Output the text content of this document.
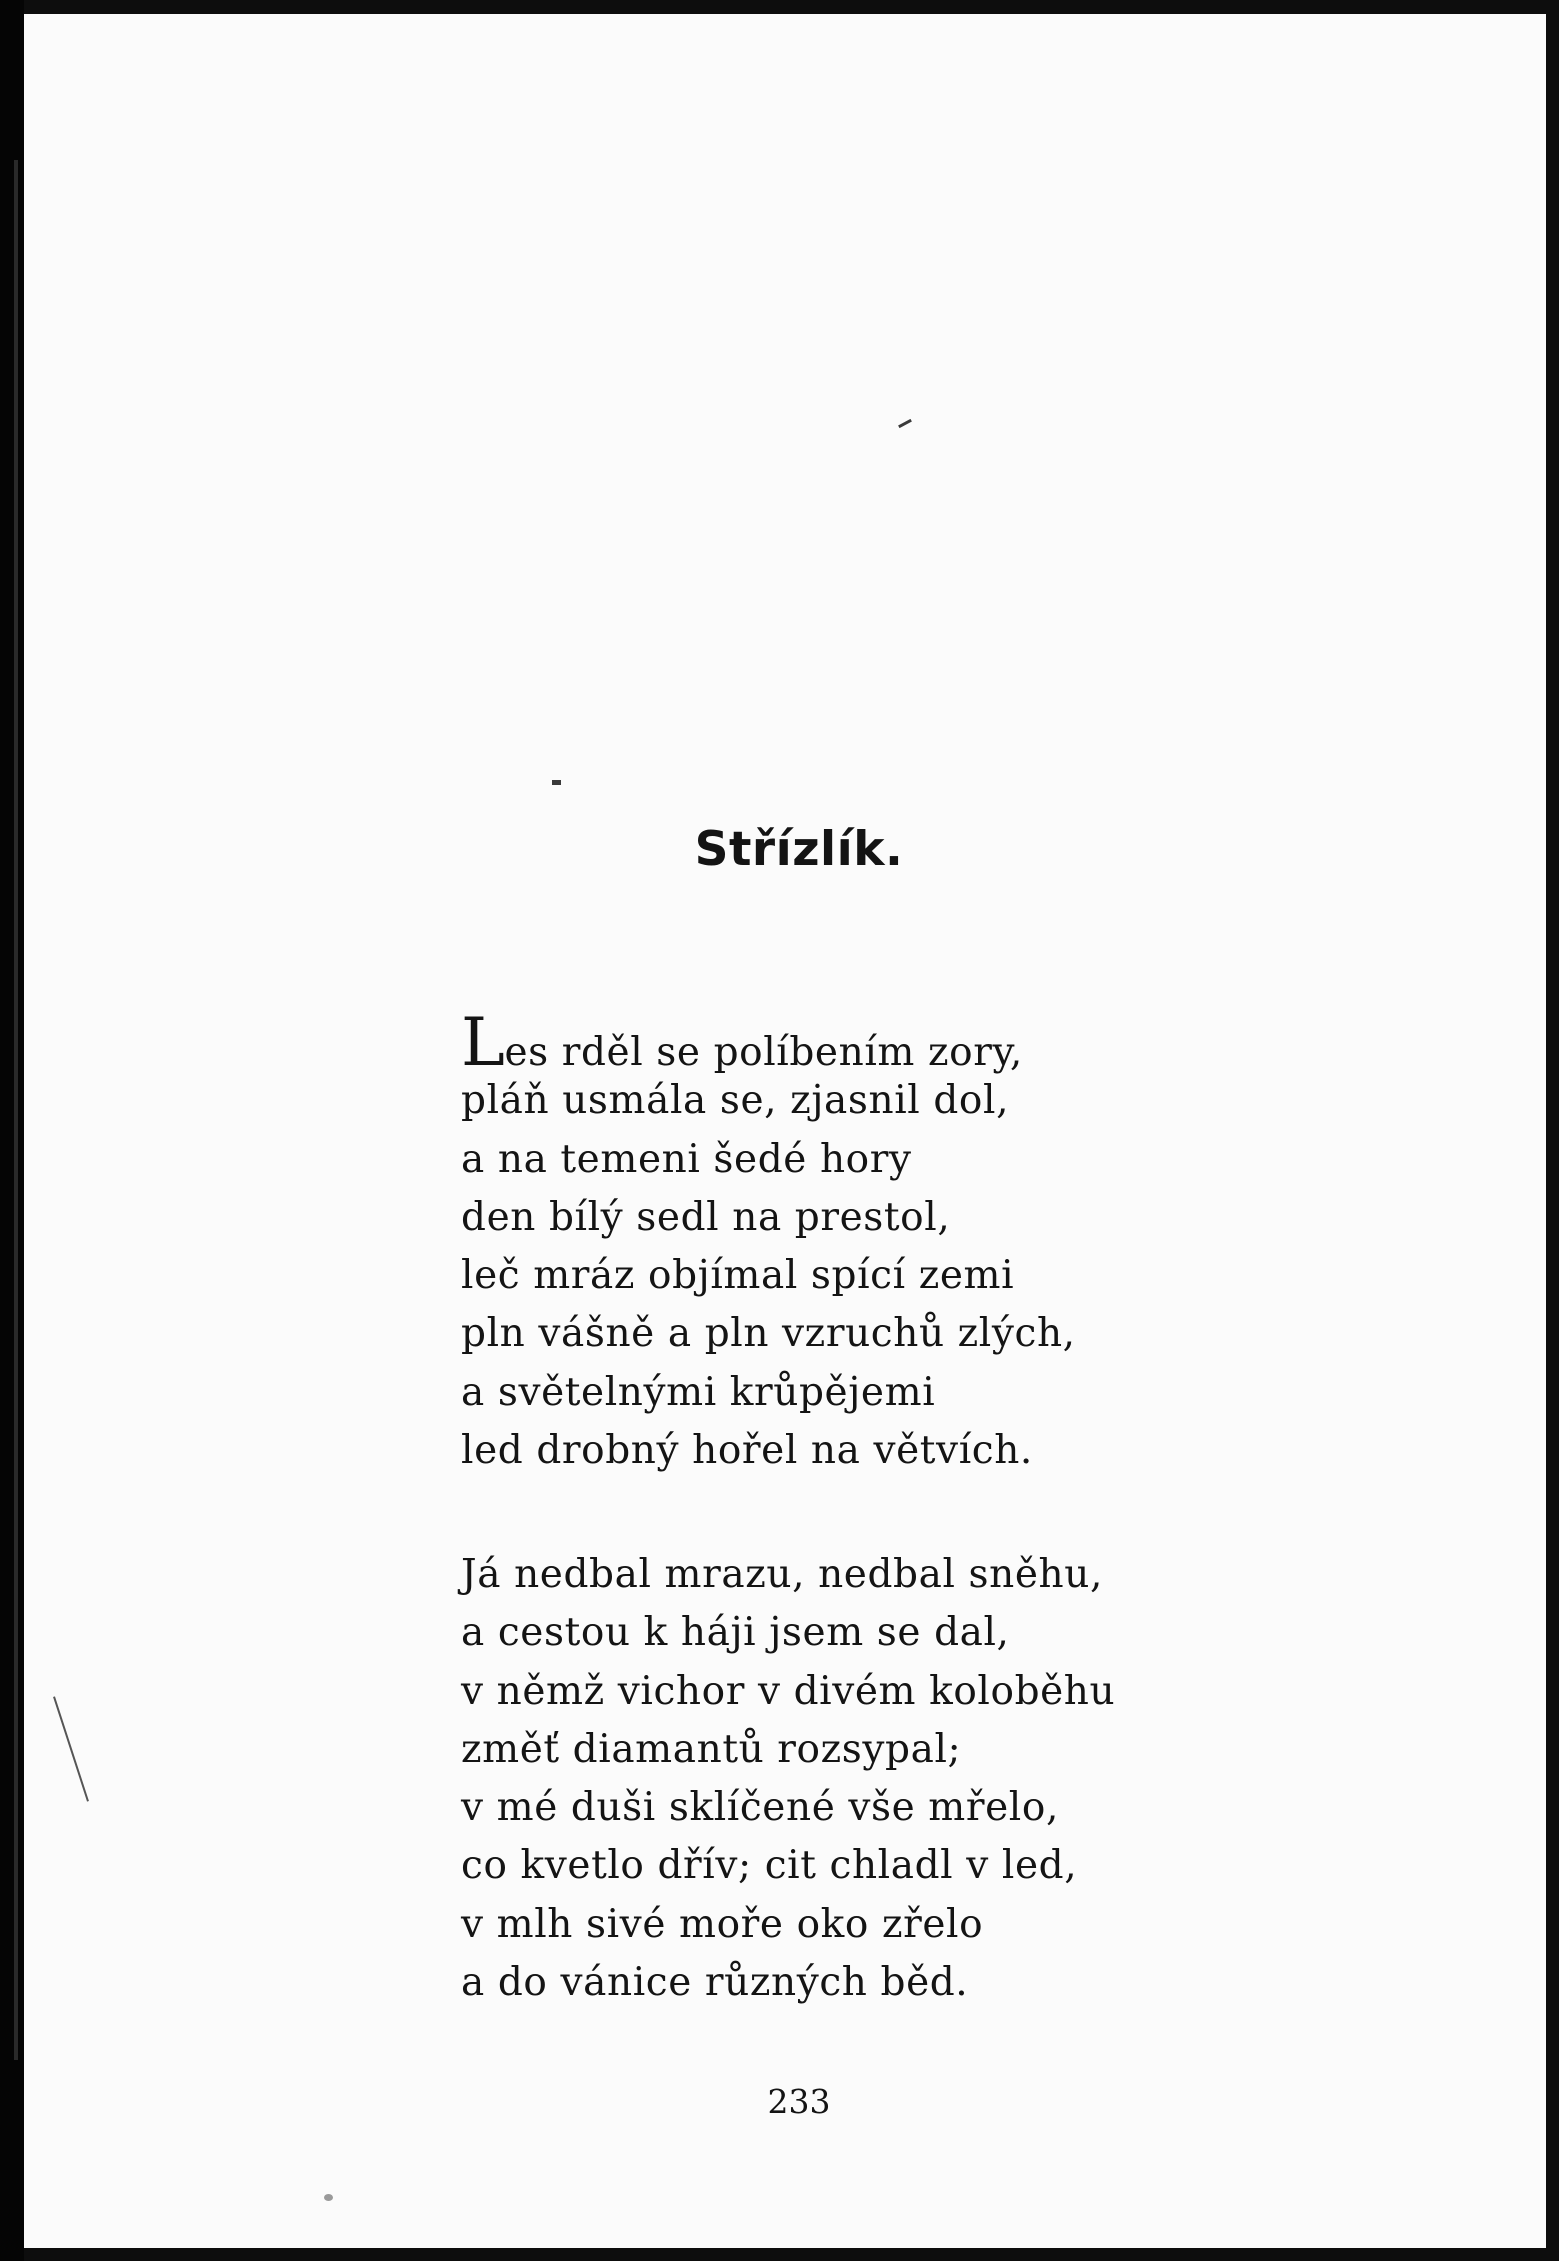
Střízlík.
Les rděl se políbením zory,
pláň usmála se, zjasnil dol,
a na temeni šedé hory
den bílý sedl na prestol,
leč mráz objímal spící zemi
pln vášně a pln vzruchů zlých,
a světelnými krůpějemi
led drobný hořel na větvích.
Já nedbal mrazu, nedbal sněhu,
a cestou k háji jsem se dal,
v němž vichor v divém koloběhu
změť diamantů rozsypal;
v mé duši sklíčené vše mřelo,
co kvetlo dřív; cit chladl v led,
v mlh sivé moře oko zřelo
a do vánice různých běd.
233
